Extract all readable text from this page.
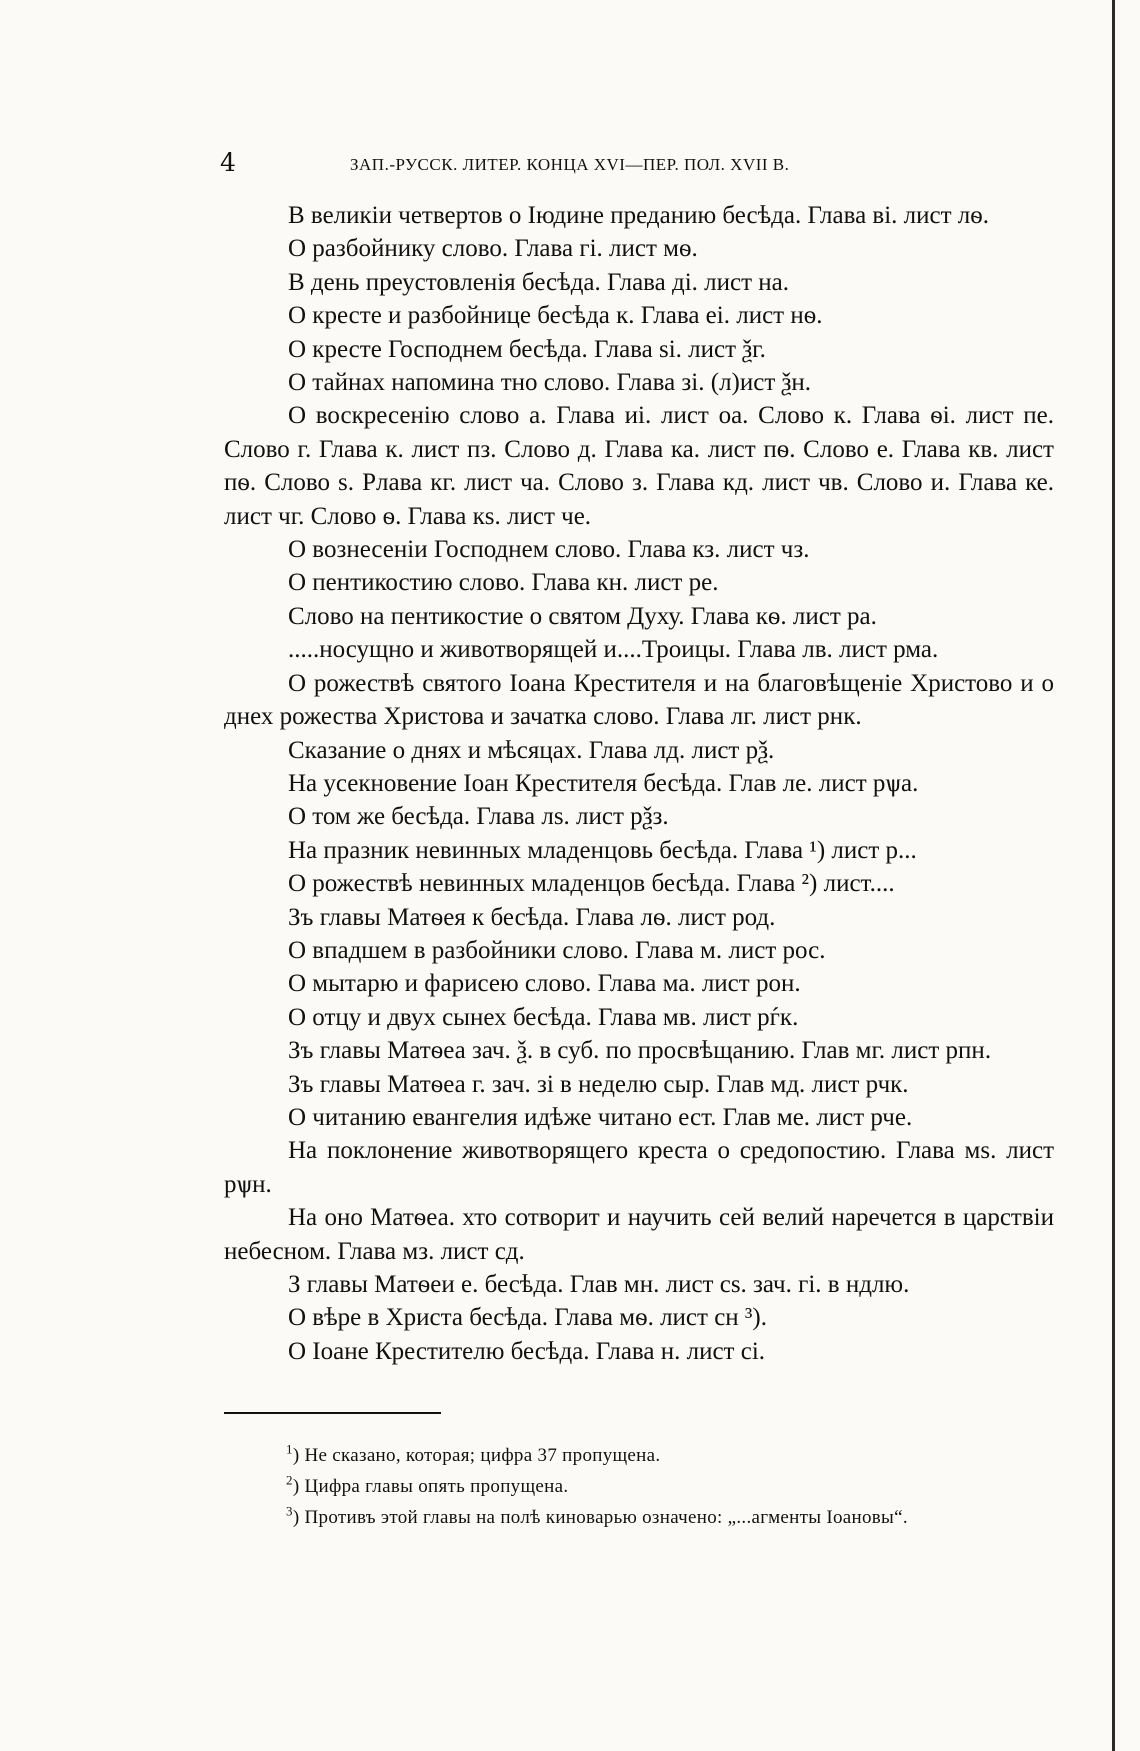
4	ЗАП.-РУССК. ЛИТЕР. КОНЦА XVI—ПЕР. ПОЛ. XVII В.

В великіи четвертов о Іюдине преданию бесѣда. Глава ві. лист лѳ.

О разбойнику слово. Глава гі. лист мѳ.

В день преустовленія бесѣда. Глава ді. лист на.

О кресте и разбойнице бесѣда к. Глава еі. лист нѳ.

О кресте Господнем бесѣда. Глава ѕі. лист ѯг.

О тайнах напомина тно слово. Глава зі. (л)ист ѯн.

О воскресенію слово а. Глава иі. лист оа. Слово к. Глава ѳі. лист пе. Слово г. Глава к. лист пз. Слово д. Глава ка. лист пѳ. Слово е. Глава кв. лист пѳ. Слово ѕ. Рлава кг. лист ча. Слово з. Глава кд. лист чв. Слово и. Глава ке. лист чг. Слово ѳ. Глава кѕ. лист че.

О вознесеніи Господнем слово. Глава кз. лист чз.

О пентикостию слово. Глава кн. лист ре.

Слово на пентикостие о святом Духу. Глава кѳ. лист ра.

.....носущно и животворящей и....Троицы. Глава лв. лист рма.

О рожествѣ святого Іоана Крестителя и на благовѣщеніе Христово и о днех рожества Христова и зачатка слово. Глава лг. лист рнк.

Сказание о днях и мѣсяцах. Глава лд. лист рѯ.

На усекновение Іоан Крестителя бесѣда. Глав ле. лист рѱа.

О том же бесѣда. Глава лѕ. лист рѯз.

На празник невинных младенцовь бесѣда. Глава ¹) лист р...

О рожествѣ невинных младенцов бесѣда. Глава ²) лист....

Зъ главы Матѳея к бесѣда. Глава лѳ. лист род.

О впадшем в разбойники слово. Глава м. лист рос.

О мытарю и фарисею слово. Глава ма. лист рон.

О отцу и двух сынех бесѣда. Глава мв. лист рѓк.

Зъ главы Матѳеа зач. ѯ. в суб. по просвѣщанию. Глав мг. лист рпн.

Зъ главы Матѳеа г. зач. зі в неделю сыр. Глав мд. лист рчк.

О читанию евангелия идѣже читано ест. Глав ме. лист рче.

На поклонение животворящего креста о средопостию. Глава мѕ. лист рѱн.

На оно Матѳеа. хто сотворит и научить сей велий наречется в царствіи небесном. Глава мз. лист сд.

З главы Матѳеи е. бесѣда. Глав мн. лист сѕ. зач. гі. в ндлю.

О вѣре в Христа бесѣда. Глава мѳ. лист сн ³).

О Іоане Крестителю бесѣда. Глава н. лист сі.

$^1$) Не сказано, которая; цифра 37 пропущена.

$^2$) Цифра главы опять пропущена.

$^3$) Противъ этой главы на полѣ киноварью означено: „...агменты Іоановы“.
